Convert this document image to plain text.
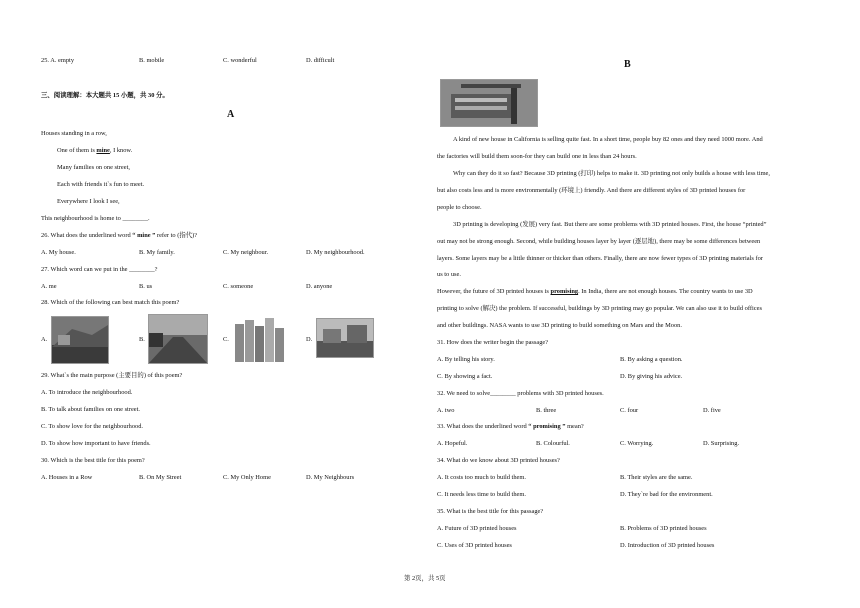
25. A. empty	B. mobile	C. wonderful	D. difficult
三、阅读理解：本大题共 15 小题，共 30 分。
A
Houses standing in a row,
One of them is mine, I know.
Many families on one street,
Each with friends it`s fun to meet.
Everywhere I look I see,
This neighbourhood is home to ________.
26. What does the underlined word “ mine ” refer to (指代)?
A. My house.	B. My family.	C. My neighbour.	D. My neighbourhood.
27. Which word can we put in the ________?
A. me	B. us	C. someone	D. anyone
28. Which of the following can best match this poem?
A.	B.	C.	D.
29. What`s the main purpose (主要目的) of this poem?
A. To introduce the neighbourhood.
B. To talk about families on one street.
C. To show love for the neighbourhood.
D. To show how important to have friends.
30. Which is the best title for this poem?
A. Houses in a Row	B. On My Street	C. My Only Home	D. My Neighbours
B
A kind of new house in California is selling quite fast. In a short time, people buy 82 ones and they need 1000 more. And
the factories will build them soon-for they can build one in less than 24 hours.
Why can they do it so fast? Because 3D printing (打印) helps to make it. 3D printing not only builds a house with less time,
but also costs less and is more environmentally (环境上) friendly. And there are different styles of 3D printed houses for
people to choose.
3D printing is developing (发展) very fast. But there are some problems with 3D printed houses. First, the house “printed”
out may not be strong enough. Second, while building houses layer by layer (逐层地), there may be some differences between
layers. Some layers may be a little thinner or thicker than others. Finally, there are now fewer types of 3D printing materials for
us to use.
However, the future of 3D printed houses is promising. In India, there are not enough houses. The country wants to use 3D
printing to solve (解决) the problem. If successful, buildings by 3D printing may go popular. We can also use it to build offices
and other buildings. NASA wants to use 3D printing to build something on Mars and the Moon.
31. How does the writer begin the passage?
A. By telling his story.	B. By asking a question.
C. By showing a fact.	D. By giving his advice.
32. We need to solve________ problems with 3D printed houses.
A. two	B. three	C. four	D. five
33. What does the underlined word “ promising ” mean?
A. Hopeful.	B. Colourful.	C. Worrying.	D. Surprising.
34. What do we know about 3D printed houses?
A. It costs too much to build them.	B. Their styles are the same.
C. It needs less time to build them.	D. They`re bad for the environment.
35. What is the best title for this passage?
A. Future of 3D printed houses	B. Problems of 3D printed houses
C. Uses of 3D printed houses	D. Introduction of 3D printed houses
第 2页，共 5页
